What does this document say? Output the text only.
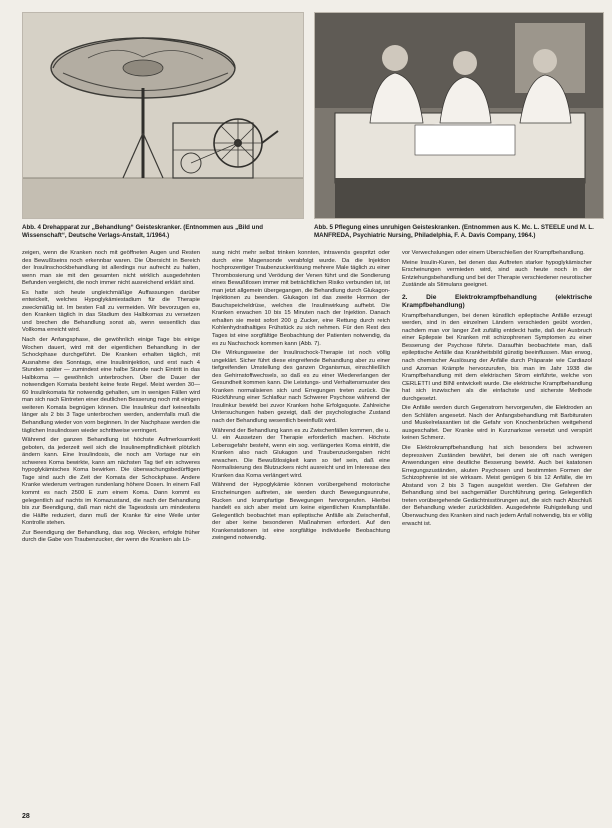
Abb. 4 Drehapparat zur „Behandlung“ Geisteskranker. (Entnommen aus „Bild und Wissenschaft“, Deutsche Verlags-Anstalt, 1/1964.)
Abb. 5 Pflegung eines unruhigen Geisteskranken. (Entnommen aus K. Mc. L. STEELE und M. L. MANFREDA, Psychiatric Nursing, Philadelphia, F. A. Davis Company, 1964.)

zeigen, wenn die Kranken noch mit geöffneten Augen und Resten des Bewußtseins noch erkennbar waren. Die Übersicht in Bereich der Insulinschockbehandlung ist allerdings nur aufrecht zu halten, wenn man sie mit den gesamten nicht wirklich ausgedehnten Befunden vergleicht, die noch immer nicht ausreichend erklärt sind.

Es hatte sich heute ungleichmäßige Auffassungen darüber entwickelt, welches Hypoglykämiestadium für die Therapie zweckmäßig ist. Im besten Fall zu vermeiden. Wir bevorzugen es, den Kranken täglich in das Stadium des Halbkomas zu versetzen und brechen die Behandlung sonst ab, wenn wesentlich das Vollkoma erreicht wird.

Nach der Anfangsphase, die gewöhnlich einige Tage bis einige Wochen dauert, wird mit der eigentlichen Behandlung in der Schockphase durchgeführt. Die Kranken erhalten täglich, mit Ausnahme des Sonntags, eine Insulininjektion, und erst nach 4 Stunden später — zumindest eine halbe Stunde nach Eintritt in das Halbkoma — gewöhnlich unterbrochen. Über die Dauer der notwendigen Komata besteht keine feste Regel. Meist werden 30—60 Insulinkomata für notwendig gehalten, um in wenigen Fällen wird man sich nach Eintreten einer deutlichen Besserung noch mit einigen weiteren Komata begnügen können. Die Insulinkur darf keinesfalls länger als 2 bis 3 Tage unterbrochen werden, andernfalls muß die Behandlung wieder von vorn beginnen. In der Nachphase werden die täglichen Insulindosen wieder schrittweise verringert.

Während der ganzen Behandlung ist höchste Aufmerksamkeit geboten, da jederzeit weil sich die Insulinempfindlichkeit plötzlich ändern kann. Eine Insulindosis, die noch am Vortage nur ein schweres Koma bewirkte, kann am nächsten Tag tief ein schweres hypoglykämisches Koma bewirken. Die überwachungsbedürftigen Tage sind auch die Zeit der Komata der Schockphase. Andere Kranke wiederum vertragen rundenlang höhere Dosen. In einem Fall kommt es nach 2500 E zum einem Koma. Dann kommt es gelegentlich auf nachts im Komazustand, die nach der Behandlung bis zur Beendigung, daß man nicht die Tagesdosis um mindestens die Hälfte reduziert, dann muß der Kranke für eine Weile unter Kontrolle stehen.

Zur Beendigung der Behandlung, das sog. Wecken, erfolgte früher durch die Gabe von Traubenzucker, der wenn die Kranken als Lö-

sung nicht mehr selbst trinken konnten, intravenös gespritzt oder durch eine Magensonde verabfolgt wurde. Da die Injektion hochprozentiger Traubenzuckerlösung mehrere Male täglich zu einer Thrombosierung und Verödung der Venen führt und die Sondierung eines Bewußtlosen immer mit beträchtlichen Risiko verbunden ist, ist man jetzt allgemein übergegangen, die Behandlung durch Glukagon-Injektionen zu beenden. Glukagon ist das zweite Hormon der Bauchspeicheldrüse, welches die Insulinwirkung aufhebt. Die Kranken erwachen 10 bis 15 Minuten nach der Injektion. Danach erhalten sie meist sofort 200 g Zucker, eine Rettung durch reich Kohlenhydrathaltiges Frühstück zu sich nehmen. Für den Rest des Tages ist eine sorgfältige Beobachtung der Patienten notwendig, da es zu Nachschock kommen kann (Abb. 7).

Die Wirkungsweise der Insulinschock-Therapie ist noch völlig ungeklärt. Sicher führt diese eingreifende Behandlung aber zu einer tiefgreifenden Umstellung des ganzen Organismus, einschließlich des Gehirnstoffwechsels, so daß es zu einer Wiedererlangen der Gesundheit kommen kann. Die Leistungs- und Verhaltensmuster des Kranken normalisieren sich und Erregungen treten zurück. Die Rückführung einer Schlafkur nach Schwerer Psychose während der Insulinkur bewirkt bei zuvor Kranken hohe Erfolgsquote. Zahlreiche Untersuchungen haben gezeigt, daß der psychologische Zustand nach der Behandlung wesentlich beeinflußt wird.

Während der Behandlung kann es zu Zwischenfällen kommen, die u. U. ein Aussetzen der Therapie erforderlich machen. Höchste Lebensgefahr besteht, wenn ein sog. verlängertes Koma eintritt, die Kranken also nach Glukagon und Traubenzuckergaben nicht erwachen. Die Bewußtlosigkeit kann so tief sein, daß eine Normalisierung des Blutzuckers nicht ausreicht und im Interesse des Kranken das Koma verlängert wird.

Während der Hypoglykämie können vorübergehend motorische Erscheinungen auftreten, sie werden durch Bewegungsunruhe, Rucken und krampfartige Bewegungen hervorgerufen. Hierbei handelt es sich aber meist um keine eigentlichen Krampfanfälle. Gelegentlich beobachtet man epileptische Anfälle als Zwischenfall, der aber keine besonderen Maßnahmen erfordert. Auf den Krankenstationen ist eine sorgfältige individuelle Beobachtung zwingend notwendig.

vor Verwechslungen oder einem Überschießen der Krampfbehandlung.

Meine Insulin-Kuren, bei denen das Auftreten starker hypoglykämischer Erscheinungen vermieden wird, sind auch heute noch in der Entziehungsbehandlung und bei der Therapie verschiedener neurotischer Zustände als Stimulans geeignet.

2. Die Elektrokrampfbehandlung (elektrische Krampfbehandlung)

Krampfbehandlungen, bei denen künstlich epileptische Anfälle erzeugt werden, sind in den einzelnen Ländern verschieden geübt worden, nachdem man vor langer Zeit zufällig entdeckt hatte, daß der Ausbruch einer Epilepsie bei Kranken mit schizophrenen Symptomen zu einer Besserung der Psychose führte. Daraufhin beobachtete man, daß epileptische Anfälle das Krankheitsbild günstig beeinflussen. Man erwog, nach chemischer Auslösung der Anfälle durch Präparate wie Cardiazol und Azoman Krämpfe hervorzurufen, bis man im Jahr 1938 die Krampfbehandlung mit dem elektrischen Strom einführte, welche von CERLETTI und BINI entwickelt wurde. Die elektrische Krampfbehandlung hat sich inzwischen als die einfachste und sicherste Methode durchgesetzt.

Die Anfälle werden durch Gegenstrom hervorgerufen, die Elektroden an den Schläfen angesetzt. Nach der Anfangsbehandlung mit Barbituraten und Muskelrelaxantien ist die Gefahr von Knochenbrüchen weitgehend ausgeschaltet. Der Kranke wird in Kurznarkose versetzt und verspürt keinen Schmerz.

Die Elektrokrampfbehandlung hat sich besonders bei schweren depressiven Zuständen bewährt, bei denen sie oft nach wenigen Anwendungen eine deutliche Besserung bewirkt. Auch bei katatonen Erregungszuständen, akuten Psychosen und bestimmten Formen der Schizophrenie ist sie wirksam. Meist genügen 6 bis 12 Anfälle, die im Abstand von 2 bis 3 Tagen ausgelöst werden. Die Gefahren der Behandlung sind bei sachgemäßer Durchführung gering. Gelegentlich treten vorübergehende Gedächtnisstörungen auf, die sich nach Abschluß der Behandlung wieder zurückbilden. Ausgedehnte Ruhigstellung und Überwachung des Kranken sind nach jedem Anfall notwendig, bis er völlig erwacht ist.

28
